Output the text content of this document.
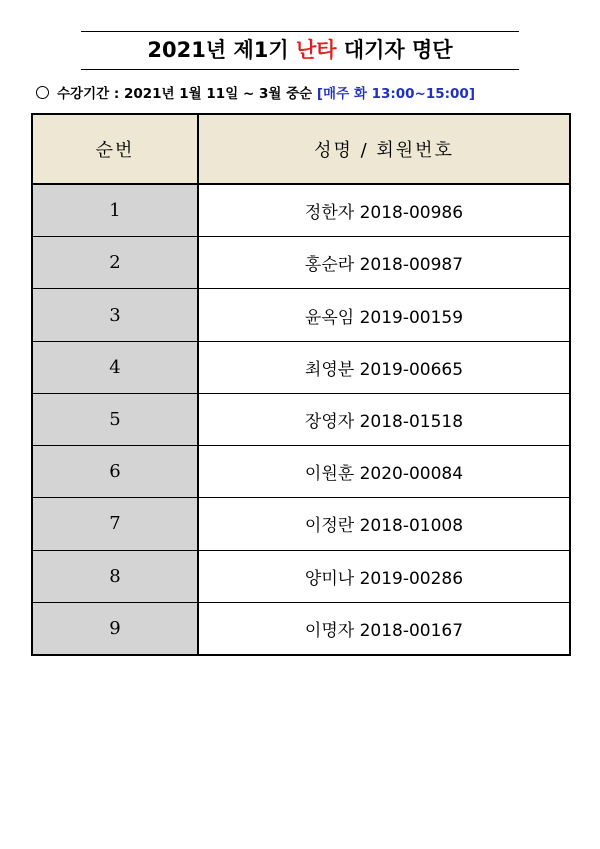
2021년 제1기 난타 대기자 명단
수강기간 : 2021년 1월 11일 ~ 3월 중순 [매주 화 13:00~15:00]
순번	성명 / 회원번호
1	정한자 2018-00986
2	홍순라 2018-00987
3	윤옥임 2019-00159
4	최영분 2019-00665
5	장영자 2018-01518
6	이원훈 2020-00084
7	이정란 2018-01008
8	양미나 2019-00286
9	이명자 2018-00167
